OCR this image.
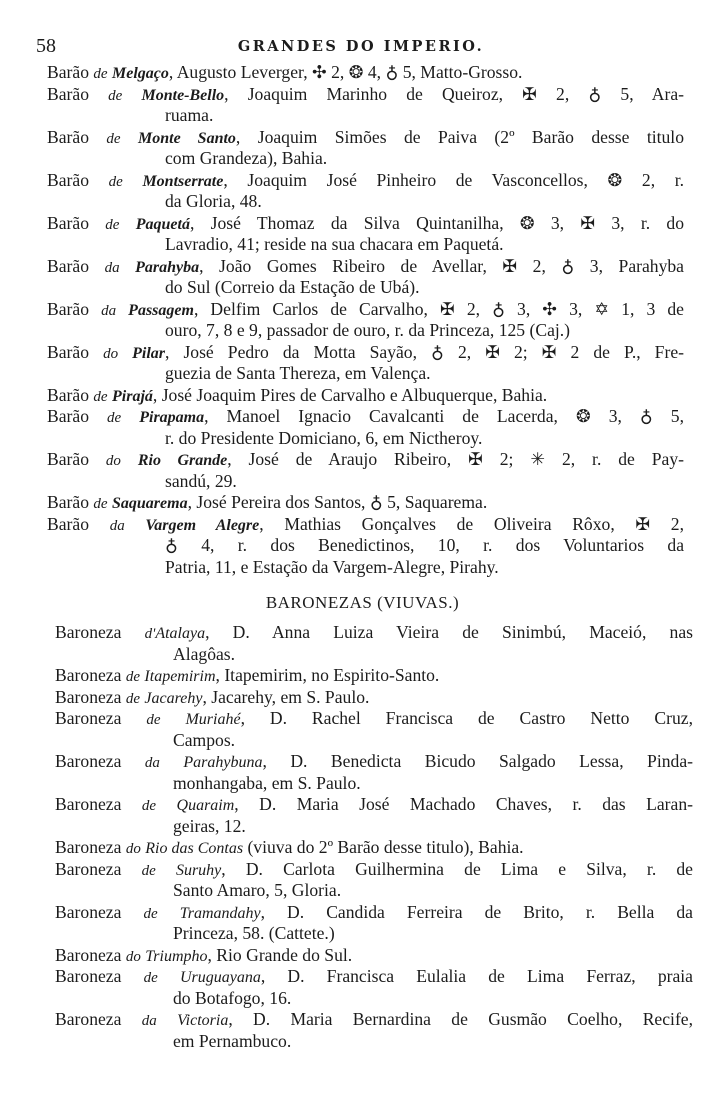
58	GRANDES DO IMPERIO.
Barão de Melgaço, Augusto Leverger, ✣ 2, ❂ 4, ♁ 5, Matto-Grosso.
Barão de Monte-Bello, Joaquim Marinho de Queiroz, ✠ 2, ♁ 5, Ara-
ruama.
Barão de Monte Santo, Joaquim Simões de Paiva (2º Barão desse titulo
com Grandeza), Bahia.
Barão de Montserrate, Joaquim José Pinheiro de Vasconcellos, ❂ 2, r.
da Gloria, 48.
Barão de Paquetá, José Thomaz da Silva Quintanilha, ❂ 3, ✠ 3, r. do
Lavradio, 41; reside na sua chacara em Paquetá.
Barão da Parahyba, João Gomes Ribeiro de Avellar, ✠ 2, ♁ 3, Parahyba
do Sul (Correio da Estação de Ubá).
Barão da Passagem, Delfim Carlos de Carvalho, ✠ 2, ♁ 3, ✣ 3, ✡ 1, 3 de
ouro, 7, 8 e 9, passador de ouro, r. da Princeza, 125 (Caj.)
Barão do Pilar, José Pedro da Motta Sayão, ♁ 2, ✠ 2; ✠ 2 de P., Fre-
guezia de Santa Thereza, em Valença.
Barão de Pirajá, José Joaquim Pires de Carvalho e Albuquerque, Bahia.
Barão de Pirapama, Manoel Ignacio Cavalcanti de Lacerda, ❂ 3, ♁ 5,
r. do Presidente Domiciano, 6, em Nictheroy.
Barão do Rio Grande, José de Araujo Ribeiro, ✠ 2; ✳ 2, r. de Pay-
sandú, 29.
Barão de Saquarema, José Pereira dos Santos, ♁ 5, Saquarema.
Barão da Vargem Alegre, Mathias Gonçalves de Oliveira Rôxo, ✠ 2,
♁ 4, r. dos Benedictinos, 10, r. dos Voluntarios da
Patria, 11, e Estação da Vargem-Alegre, Pirahy.
BARONEZAS (VIUVAS.)
Baroneza d'Atalaya, D. Anna Luiza Vieira de Sinimbú, Maceió, nas
Alagôas.
Baroneza de Itapemirim, Itapemirim, no Espirito-Santo.
Baroneza de Jacarehy, Jacarehy, em S. Paulo.
Baroneza de Muriahé, D. Rachel Francisca de Castro Netto Cruz,
Campos.
Baroneza da Parahybuna, D. Benedicta Bicudo Salgado Lessa, Pinda-
monhangaba, em S. Paulo.
Baroneza de Quaraim, D. Maria José Machado Chaves, r. das Laran-
geiras, 12.
Baroneza do Rio das Contas (viuva do 2º Barão desse titulo), Bahia.
Baroneza de Suruhy, D. Carlota Guilhermina de Lima e Silva, r. de
Santo Amaro, 5, Gloria.
Baroneza de Tramandahy, D. Candida Ferreira de Brito, r. Bella da
Princeza, 58. (Cattete.)
Baroneza do Triumpho, Rio Grande do Sul.
Baroneza de Uruguayana, D. Francisca Eulalia de Lima Ferraz, praia
do Botafogo, 16.
Baroneza da Victoria, D. Maria Bernardina de Gusmão Coelho, Recife,
em Pernambuco.
